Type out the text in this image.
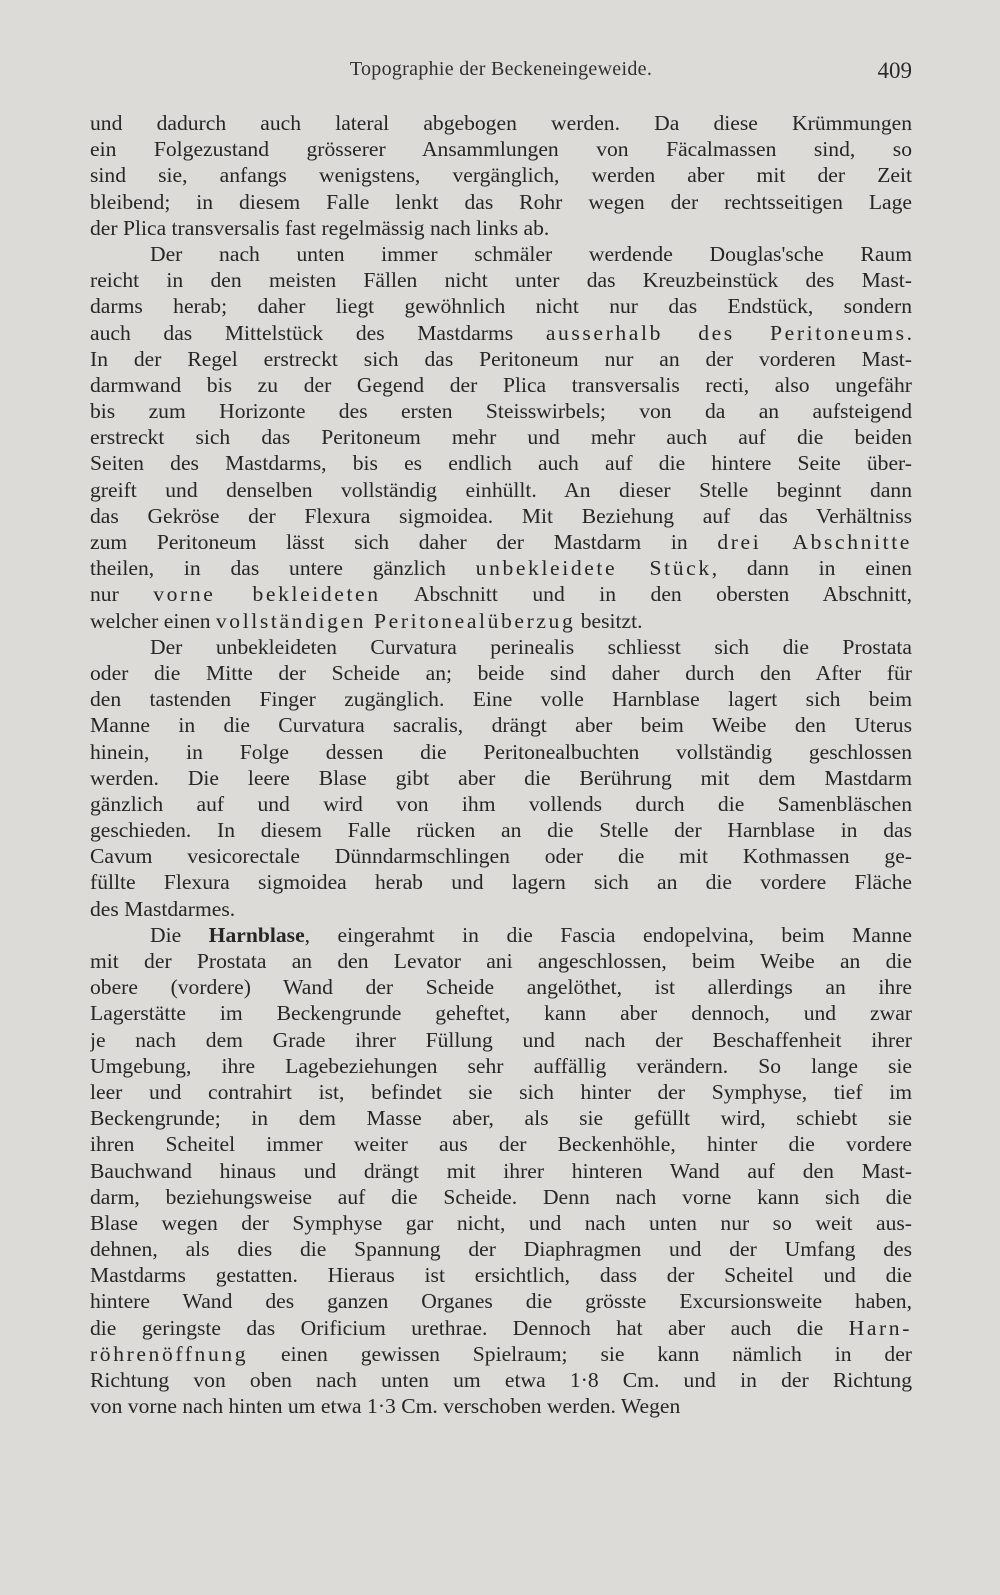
Topographie der Beckeneingeweide.	409
und dadurch auch lateral abgebogen werden. Da diese Krümmungen
ein Folgezustand grösserer Ansammlungen von Fäcalmassen sind, so
sind sie, anfangs wenigstens, vergänglich, werden aber mit der Zeit
bleibend; in diesem Falle lenkt das Rohr wegen der rechtsseitigen Lage
der Plica transversalis fast regelmässig nach links ab.
Der nach unten immer schmäler werdende Douglas'sche Raum
reicht in den meisten Fällen nicht unter das Kreuzbeinstück des Mast-
darms herab; daher liegt gewöhnlich nicht nur das Endstück, sondern
auch das Mittelstück des Mastdarms ausserhalb des Peritoneums.
In der Regel erstreckt sich das Peritoneum nur an der vorderen Mast-
darmwand bis zu der Gegend der Plica transversalis recti, also ungefähr
bis zum Horizonte des ersten Steisswirbels; von da an aufsteigend
erstreckt sich das Peritoneum mehr und mehr auch auf die beiden
Seiten des Mastdarms, bis es endlich auch auf die hintere Seite über-
greift und denselben vollständig einhüllt. An dieser Stelle beginnt dann
das Gekröse der Flexura sigmoidea. Mit Beziehung auf das Verhältniss
zum Peritoneum lässt sich daher der Mastdarm in drei Abschnitte
theilen, in das untere gänzlich unbekleidete Stück, dann in einen
nur vorne bekleideten Abschnitt und in den obersten Abschnitt,
welcher einen vollständigen Peritonealüberzug besitzt.
Der unbekleideten Curvatura perinealis schliesst sich die Prostata
oder die Mitte der Scheide an; beide sind daher durch den After für
den tastenden Finger zugänglich. Eine volle Harnblase lagert sich beim
Manne in die Curvatura sacralis, drängt aber beim Weibe den Uterus
hinein, in Folge dessen die Peritonealbuchten vollständig geschlossen
werden. Die leere Blase gibt aber die Berührung mit dem Mastdarm
gänzlich auf und wird von ihm vollends durch die Samenbläschen
geschieden. In diesem Falle rücken an die Stelle der Harnblase in das
Cavum vesicorectale Dünndarmschlingen oder die mit Kothmassen ge-
füllte Flexura sigmoidea herab und lagern sich an die vordere Fläche
des Mastdarmes.
Die Harnblase, eingerahmt in die Fascia endopelvina, beim Manne
mit der Prostata an den Levator ani angeschlossen, beim Weibe an die
obere (vordere) Wand der Scheide angelöthet, ist allerdings an ihre
Lagerstätte im Beckengrunde geheftet, kann aber dennoch, und zwar
je nach dem Grade ihrer Füllung und nach der Beschaffenheit ihrer
Umgebung, ihre Lagebeziehungen sehr auffällig verändern. So lange sie
leer und contrahirt ist, befindet sie sich hinter der Symphyse, tief im
Beckengrunde; in dem Masse aber, als sie gefüllt wird, schiebt sie
ihren Scheitel immer weiter aus der Beckenhöhle, hinter die vordere
Bauchwand hinaus und drängt mit ihrer hinteren Wand auf den Mast-
darm, beziehungsweise auf die Scheide. Denn nach vorne kann sich die
Blase wegen der Symphyse gar nicht, und nach unten nur so weit aus-
dehnen, als dies die Spannung der Diaphragmen und der Umfang des
Mastdarms gestatten. Hieraus ist ersichtlich, dass der Scheitel und die
hintere Wand des ganzen Organes die grösste Excursionsweite haben,
die geringste das Orificium urethrae. Dennoch hat aber auch die Harn-
röhrenöffnung einen gewissen Spielraum; sie kann nämlich in der
Richtung von oben nach unten um etwa 1·8 Cm. und in der Richtung
von vorne nach hinten um etwa 1·3 Cm. verschoben werden. Wegen
